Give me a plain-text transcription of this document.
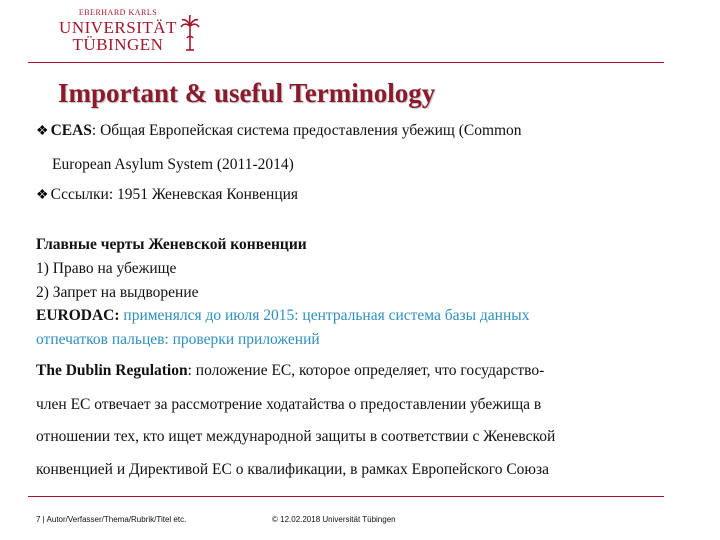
EBERHARD KARLS
UNIVERSITÄT
TÜBINGEN
Important & useful Terminology
❖ CEAS: Общая Европейская система предоставления убежищ (Common
European Asylum System (2011-2014)
❖ Сссылки: 1951 Женевская Конвенция
Главные черты Женевской конвенции
1) Право на убежище
2) Запрет на выдворение
EURODAC: применялся до июля 2015: центральная система базы данных
отпечатков пальцев: проверки приложений
The Dublin Regulation: положение ЕС, которое определяет, что государство-
член ЕС отвечает за рассмотрение ходатайства о предоставлении убежища в
отношении тех, кто ищет международной защиты в соответствии с Женевской
конвенцией и Директивой ЕС о квалификации, в рамках Европейского Союза
7 | Autor/Verfasser/Thema/Rubrik/Titel etc.	© 12.02.2018 Universität Tübingen
